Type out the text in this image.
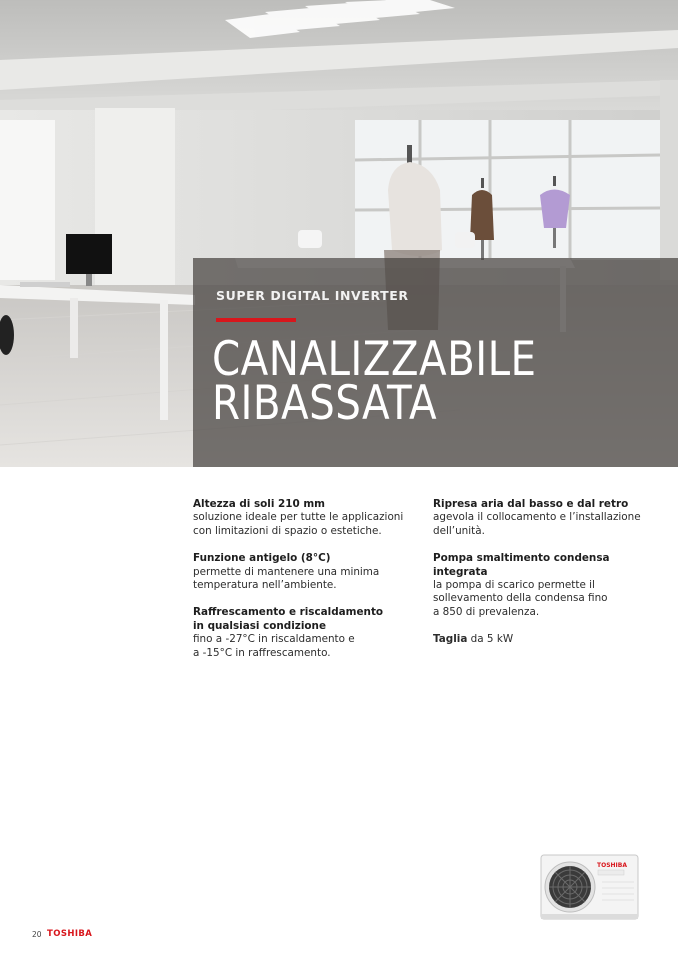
SUPER DIGITAL INVERTER
CANALIZZABILE
RIBASSATA
Altezza di soli 210 mm
soluzione ideale per tutte le applicazioni
con limitazioni di spazio o estetiche.
Funzione antigelo (8°C)
permette di mantenere una minima
temperatura nell’ambiente.
Raffrescamento e riscaldamento
in qualsiasi condizione
fino a -27°C in riscaldamento e
a -15°C in raffrescamento.
Ripresa aria dal basso e dal retro
agevola il collocamento e l’installazione
dell’unità.
Pompa smaltimento condensa integrata
la pompa di scarico permette il
sollevamento della condensa fino
a 850 di prevalenza.
Taglia da 5 kW
TOSHIBA
20 TOSHIBA
